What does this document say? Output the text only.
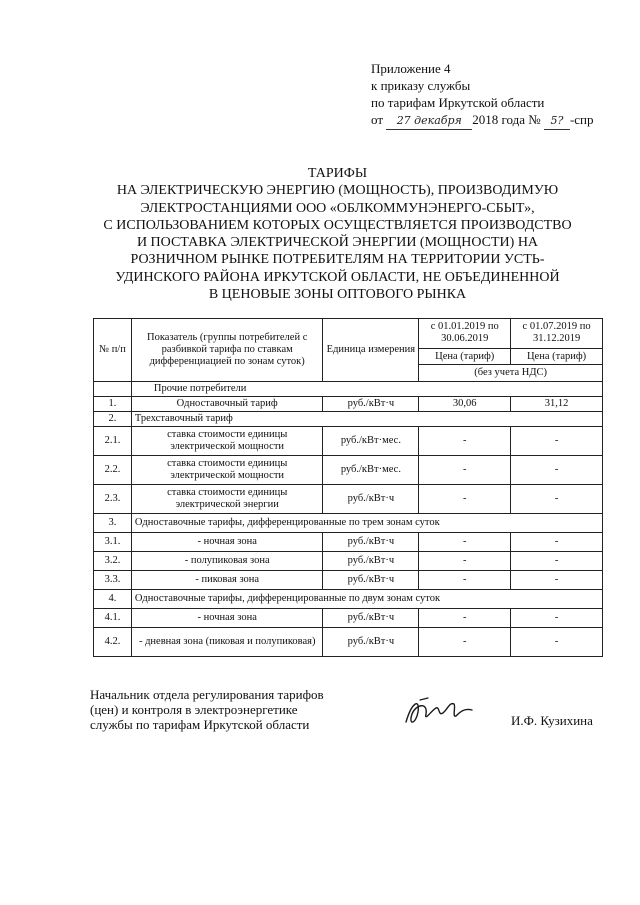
Приложение 4
к приказу службы
по тарифам Иркутской области
от 27 декабря 2018 года № 5? -спр
ТАРИФЫ
НА ЭЛЕКТРИЧЕСКУЮ ЭНЕРГИЮ (МОЩНОСТЬ), ПРОИЗВОДИМУЮ
ЭЛЕКТРОСТАНЦИЯМИ ООО «ОБЛКОММУНЭНЕРГО-СБЫТ»,
С ИСПОЛЬЗОВАНИЕМ КОТОРЫХ ОСУЩЕСТВЛЯЕТСЯ ПРОИЗВОДСТВО
И ПОСТАВКА ЭЛЕКТРИЧЕСКОЙ ЭНЕРГИИ (МОЩНОСТИ) НА
РОЗНИЧНОМ РЫНКЕ ПОТРЕБИТЕЛЯМ НА ТЕРРИТОРИИ УСТЬ-
УДИНСКОГО РАЙОНА ИРКУТСКОЙ ОБЛАСТИ, НЕ ОБЪЕДИНЕННОЙ
В ЦЕНОВЫЕ ЗОНЫ ОПТОВОГО РЫНКА
№ п/п	Показатель (группы потребителей с разбивкой тарифа по ставкам дифференциацией по зонам суток)	Единица измерения	с 01.01.2019 по 30.06.2019	с 01.07.2019 по 31.12.2019
			Цена (тариф)	Цена (тариф)
			(без учета НДС)	
	Прочие потребители			
1.	Одноставочный тариф	руб./кВт·ч	30,06	31,12
2.	Трехставочный тариф			
2.1.	ставка стоимости единицы электрической мощности	руб./кВт·мес.	-	-
2.2.	ставка стоимости единицы электрической мощности	руб./кВт·мес.	-	-
2.3.	ставка стоимости единицы электрической энергии	руб./кВт·ч	-	-
3.	Одноставочные тарифы, дифференцированные по трем зонам суток			
3.1.	- ночная зона	руб./кВт·ч	-	-
3.2.	- полупиковая зона	руб./кВт·ч	-	-
3.3.	- пиковая зона	руб./кВт·ч	-	-
4.	Одноставочные тарифы, дифференцированные по двум зонам суток			
4.1.	- ночная зона	руб./кВт·ч	-	-
4.2.	- дневная зона (пиковая и полупиковая)	руб./кВт·ч	-	-
Начальник отдела регулирования тарифов
(цен) и контроля в электроэнергетике
службы по тарифам Иркутской области	И.Ф. Кузихина
